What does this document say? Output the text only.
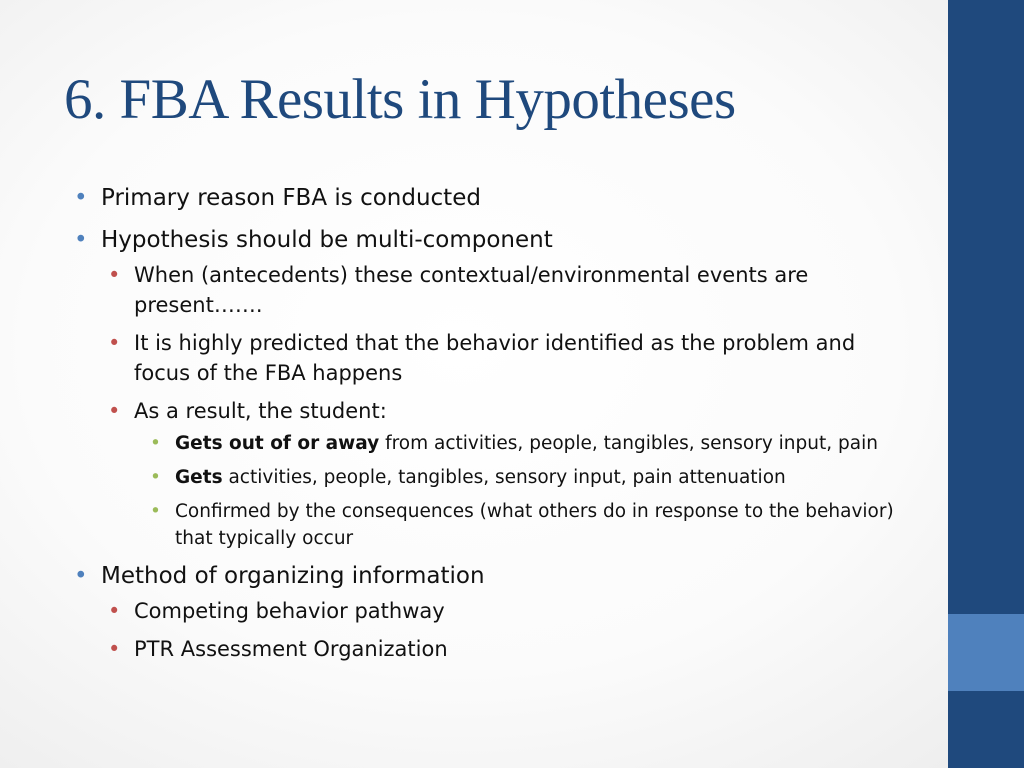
6. FBA Results in Hypotheses
• Primary reason FBA is conducted
• Hypothesis should be multi-component
• When (antecedents) these contextual/environmental events are present…….
• It is highly predicted that the behavior identified as the problem and focus of the FBA happens
• As a result, the student:
• Gets out of or away from activities, people, tangibles, sensory input, pain
• Gets activities, people, tangibles, sensory input, pain attenuation
• Confirmed by the consequences (what others do in response to the behavior) that typically occur
• Method of organizing information
• Competing behavior pathway
• PTR Assessment Organization
